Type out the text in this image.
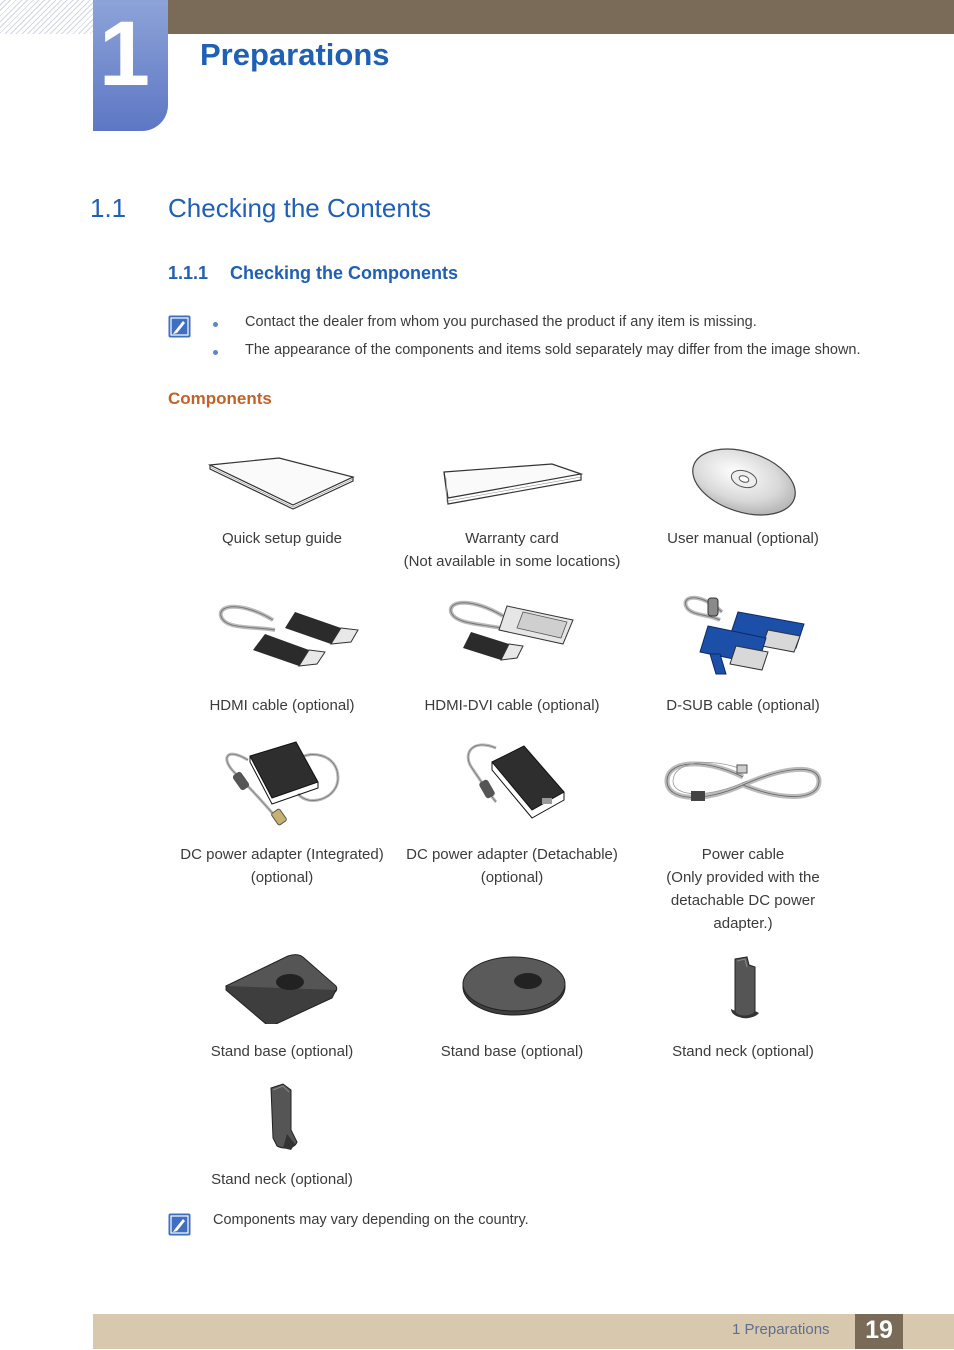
1 Preparations
1.1 Checking the Contents
1.1.1 Checking the Components
Contact the dealer from whom you purchased the product if any item is missing.
The appearance of the components and items sold separately may differ from the image shown.
Components
Quick setup guide	Warranty card
(Not available in some locations)
User manual (optional)
HDMI cable (optional)	HDMI-DVI cable (optional)	D-SUB cable (optional)
DC power adapter (Integrated)
(optional)
DC power adapter (Detachable)
(optional)
Power cable
(Only provided with the
detachable DC power
adapter.)
Stand base (optional)	Stand base (optional)	Stand neck (optional)
Stand neck (optional)
Components may vary depending on the country.
1 Preparations	19
